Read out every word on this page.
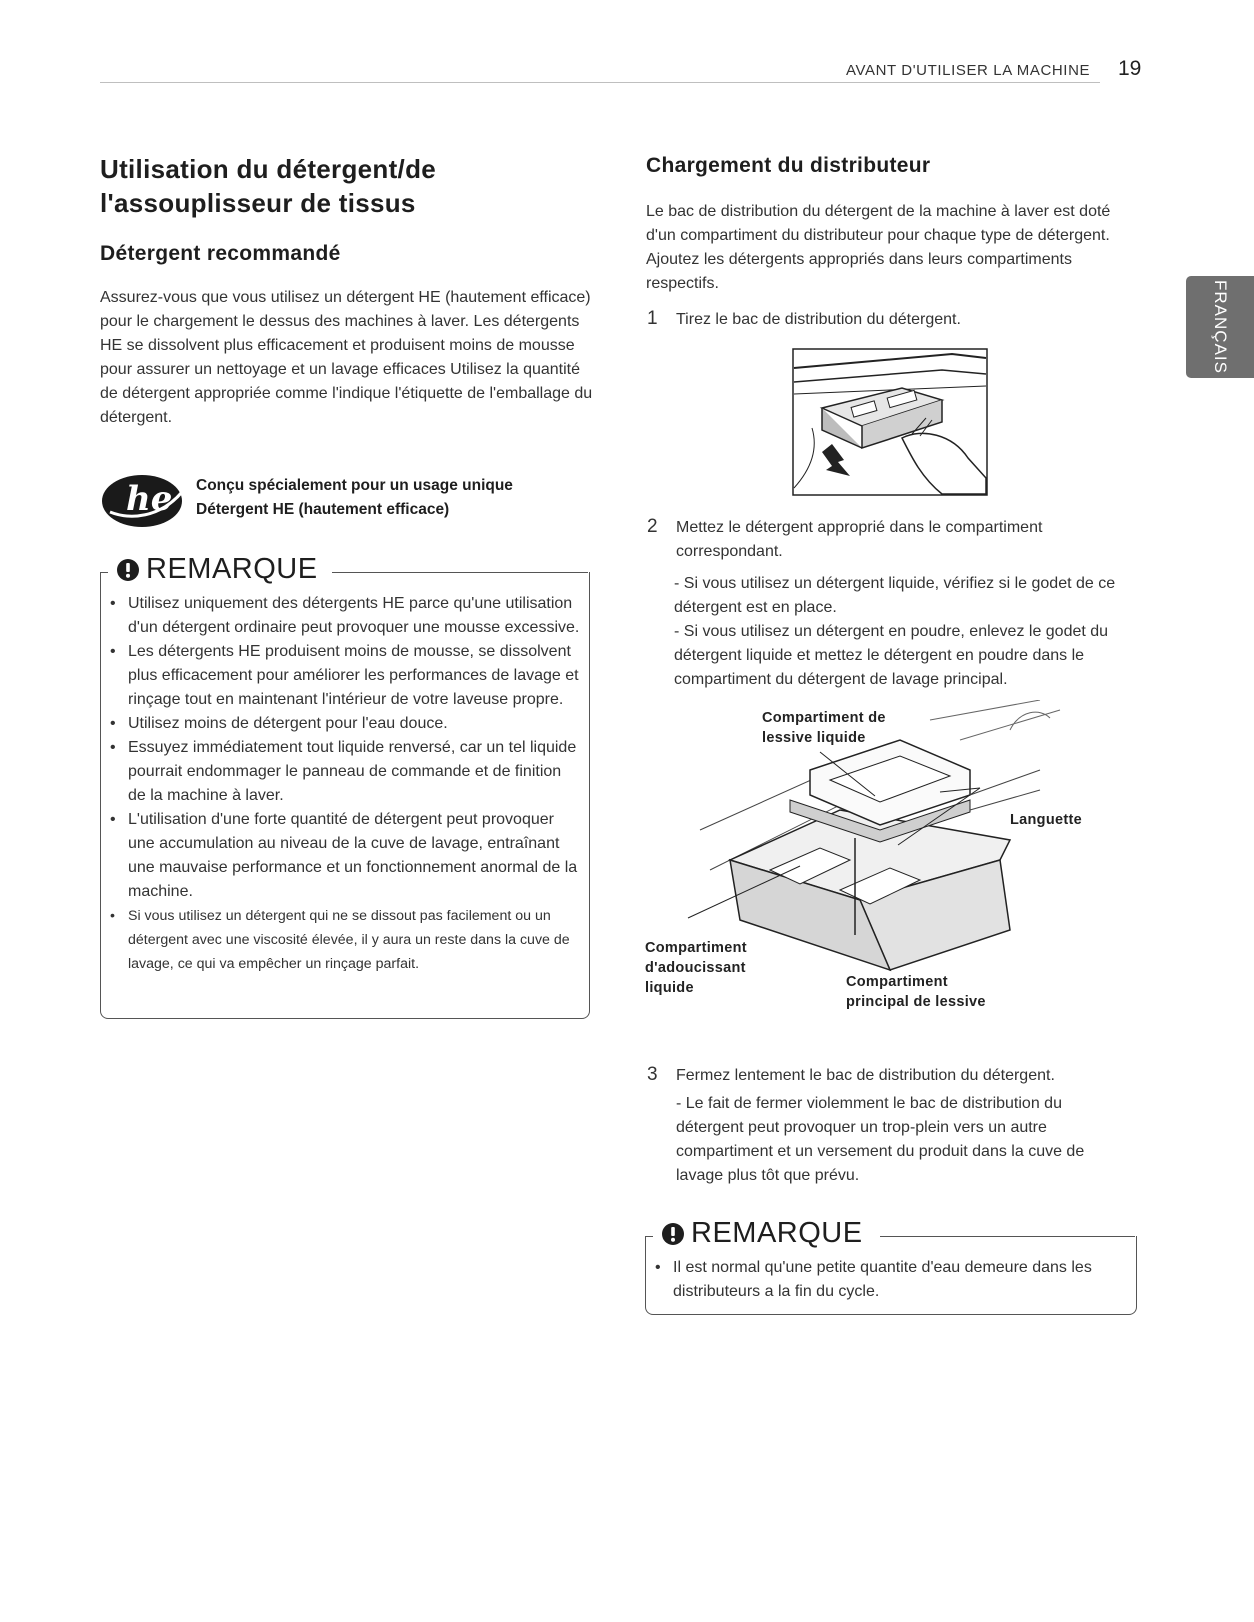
AVANT D'UTILISER LA MACHINE 19
FRANÇAIS
Utilisation du détergent/de
l'assouplisseur de tissus
Détergent recommandé

Assurez-vous que vous utilisez un détergent HE (hautement efficace) pour le chargement le dessus des machines à laver. Les détergents HE se dissolvent plus efficacement et produisent moins de mousse pour assurer un nettoyage et un lavage efficaces Utilisez la quantité de détergent appropriée comme l'indique l'étiquette de l'emballage du détergent.

he Conçu spécialement pour un usage unique
Détergent HE (hautement efficace)
REMARQUE
• Utilisez uniquement des détergents HE parce qu'une utilisation d'un détergent ordinaire peut provoquer une mousse excessive.
• Les détergents HE produisent moins de mousse, se dissolvent plus efficacement pour améliorer les performances de lavage et rinçage tout en maintenant l'intérieur de votre laveuse propre.
• Utilisez moins de détergent pour l'eau douce.
• Essuyez immédiatement tout liquide renversé, car un tel liquide pourrait endommager le panneau de commande et de finition de la machine à laver.
• L'utilisation d'une forte quantité de détergent peut provoquer une accumulation au niveau de la cuve de lavage, entraînant une mauvaise performance et un fonctionnement anormal de la machine.
• Si vous utilisez un détergent qui ne se dissout pas facilement ou un détergent avec une viscosité élevée, il y aura un reste dans la cuve de lavage, ce qui va empêcher un rinçage parfait.
Chargement du distributeur

Le bac de distribution du détergent de la machine à laver est doté d'un compartiment du distributeur pour chaque type de détergent. Ajoutez les détergents appropriés dans leurs compartiments respectifs.

1 Tirez le bac de distribution du détergent.
2 Mettez le détergent approprié dans le compartiment correspondant.
- Si vous utilisez un détergent liquide, vérifiez si le godet de ce détergent est en place.
- Si vous utilisez un détergent en poudre, enlevez le godet du détergent liquide et mettez le détergent en poudre dans le compartiment du détergent de lavage principal.
Compartiment de lessive liquide
Languette
Compartiment d'adoucissant liquide	Compartiment principal de lessive
3 Fermez lentement le bac de distribution du détergent.
- Le fait de fermer violemment le bac de distribution du détergent peut provoquer un trop-plein vers un autre compartiment et un versement du produit dans la cuve de lavage plus tôt que prévu.
REMARQUE
• Il est normal qu'une petite quantite d'eau demeure dans les distributeurs a la fin du cycle.
